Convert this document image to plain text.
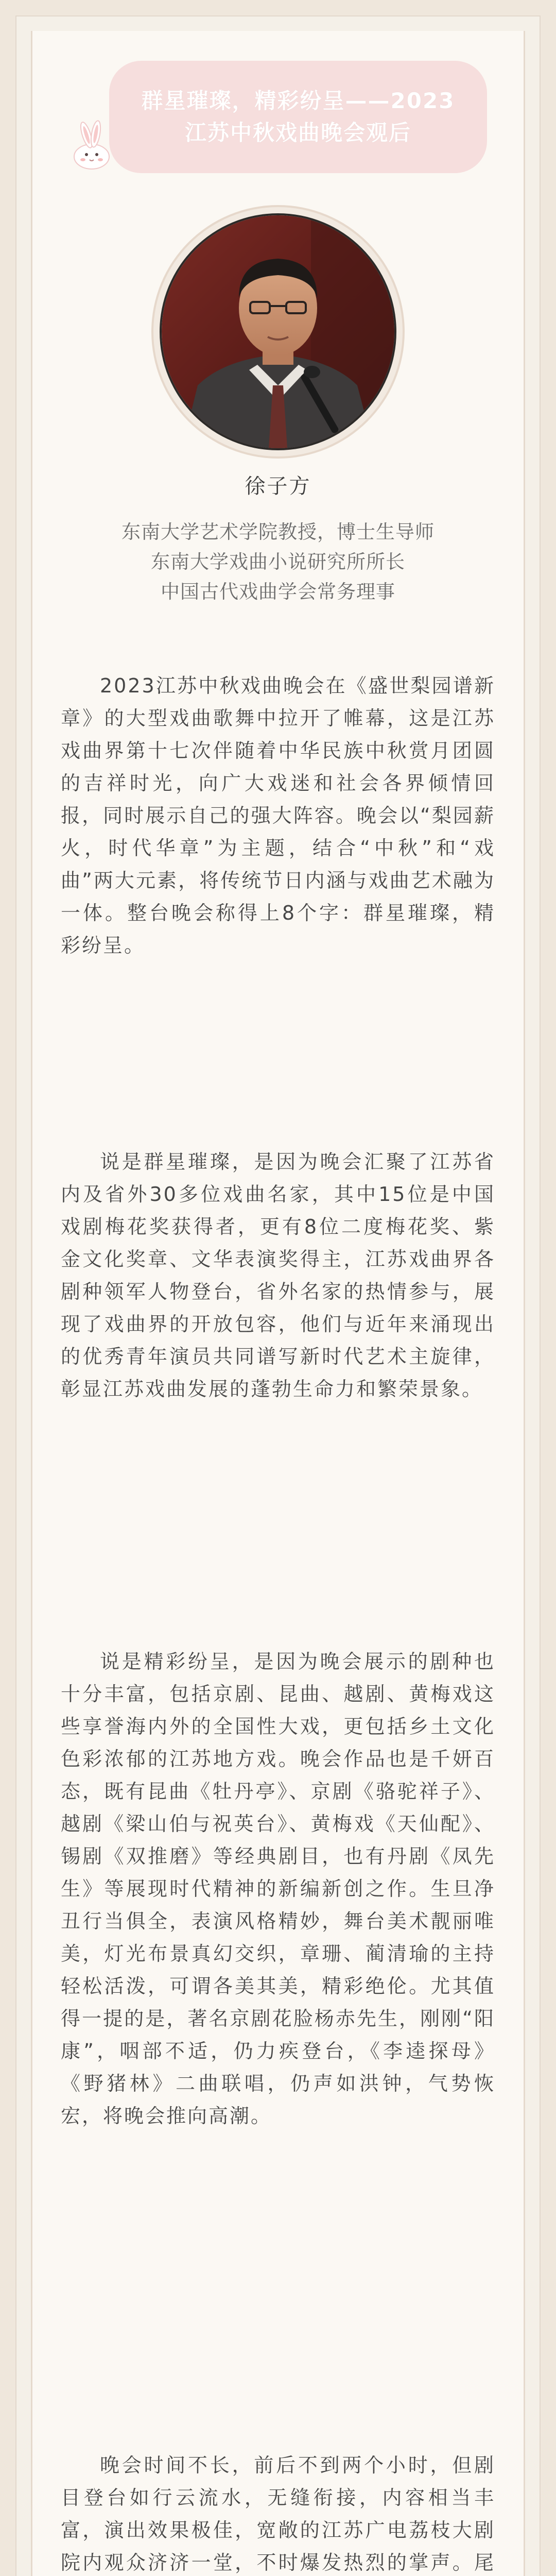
群星璀璨，精彩纷呈——2023江苏中秋戏曲晚会观后
徐子方
东南大学艺术学院教授，博士生导师
东南大学戏曲小说研究所所长
中国古代戏曲学会常务理事

2023江苏中秋戏曲晚会在《盛世梨园谱新章》的大型戏曲歌舞中拉开了帷幕，这是江苏戏曲界第十七次伴随着中华民族中秋赏月团圆的吉祥时光，向广大戏迷和社会各界倾情回报，同时展示自己的强大阵容。晚会以“梨园薪火，时代华章”为主题，结合“中秋”和“戏曲”两大元素，将传统节日内涵与戏曲艺术融为一体。整台晚会称得上8个字：群星璀璨，精彩纷呈。

说是群星璀璨，是因为晚会汇聚了江苏省内及省外30多位戏曲名家，其中15位是中国戏剧梅花奖获得者，更有8位二度梅花奖、紫金文化奖章、文华表演奖得主，江苏戏曲界各剧种领军人物登台，省外名家的热情参与，展现了戏曲界的开放包容，他们与近年来涌现出的优秀青年演员共同谱写新时代艺术主旋律，彰显江苏戏曲发展的蓬勃生命力和繁荣景象。

说是精彩纷呈，是因为晚会展示的剧种也十分丰富，包括京剧、昆曲、越剧、黄梅戏这些享誉海内外的全国性大戏，更包括乡土文化色彩浓郁的江苏地方戏。晚会作品也是千妍百态，既有昆曲《牡丹亭》、京剧《骆驼祥子》、越剧《梁山伯与祝英台》、黄梅戏《天仙配》、锡剧《双推磨》等经典剧目，也有丹剧《凤先生》等展现时代精神的新编新创之作。生旦净丑行当俱全，表演风格精妙，舞台美术靓丽唯美，灯光布景真幻交织，章珊、蔺清瑜的主持轻松活泼，可谓各美其美，精彩绝伦。尤其值得一提的是，著名京剧花脸杨赤先生，刚刚“阳康”，咽部不适，仍力疾登台，《李逵探母》《野猪林》二曲联唱，仍声如洪钟，气势恢宏，将晚会推向高潮。

晚会时间不长，前后不到两个小时，但剧目登台如行云流水，无缝衔接，内容相当丰富，演出效果极佳，宽敞的江苏广电荔枝大剧院内观众济济一堂，不时爆发热烈的掌声。尾
